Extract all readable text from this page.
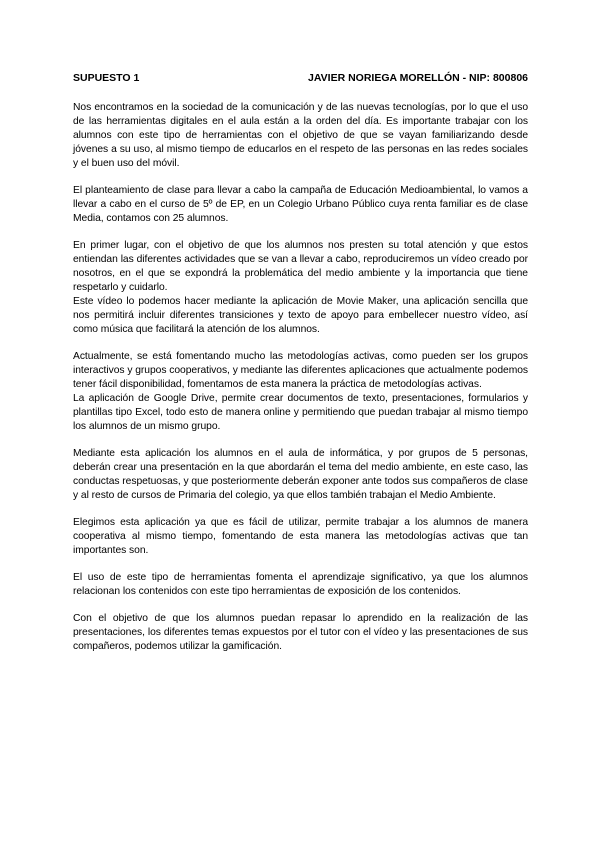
SUPUESTO 1	JAVIER NORIEGA MORELLÓN - NIP: 800806

Nos encontramos en la sociedad de la comunicación y de las nuevas tecnologías, por lo que el uso de las herramientas digitales en el aula están a la orden del día. Es importante trabajar con los alumnos con este tipo de herramientas con el objetivo de que se vayan familiarizando desde jóvenes a su uso, al mismo tiempo de educarlos en el respeto de las personas en las redes sociales y el buen uso del móvil.

El planteamiento de clase para llevar a cabo la campaña de Educación Medioambiental, lo vamos a llevar a cabo en el curso de 5º de EP, en un Colegio Urbano Público cuya renta familiar es de clase Media, contamos con 25 alumnos.

En primer lugar, con el objetivo de que los alumnos nos presten su total atención y que estos entiendan las diferentes actividades que se van a llevar a cabo, reproduciremos un vídeo creado por nosotros, en el que se expondrá la problemática del medio ambiente y la importancia que tiene respetarlo y cuidarlo.

Este vídeo lo podemos hacer mediante la aplicación de Movie Maker, una aplicación sencilla que nos permitirá incluir diferentes transiciones y texto de apoyo para embellecer nuestro vídeo, así como música que facilitará la atención de los alumnos.

Actualmente, se está fomentando mucho las metodologías activas, como pueden ser los grupos interactivos y grupos cooperativos, y mediante las diferentes aplicaciones que actualmente podemos tener fácil disponibilidad, fomentamos de esta manera la práctica de metodologías activas.

La aplicación de Google Drive, permite crear documentos de texto, presentaciones, formularios y plantillas tipo Excel, todo esto de manera online y permitiendo que puedan trabajar al mismo tiempo los alumnos de un mismo grupo.

Mediante esta aplicación los alumnos en el aula de informática, y por grupos de 5 personas, deberán crear una presentación en la que abordarán el tema del medio ambiente, en este caso, las conductas respetuosas, y que posteriormente deberán exponer ante todos sus compañeros de clase y al resto de cursos de Primaria del colegio, ya que ellos también trabajan el Medio Ambiente.

Elegimos esta aplicación ya que es fácil de utilizar, permite trabajar a los alumnos de manera cooperativa al mismo tiempo, fomentando de esta manera las metodologías activas que tan importantes son.

El uso de este tipo de herramientas fomenta el aprendizaje significativo, ya que los alumnos relacionan los contenidos con este tipo herramientas de exposición de los contenidos.

Con el objetivo de que los alumnos puedan repasar lo aprendido en la realización de las presentaciones, los diferentes temas expuestos por el tutor con el vídeo y las presentaciones de sus compañeros, podemos utilizar la gamificación.
